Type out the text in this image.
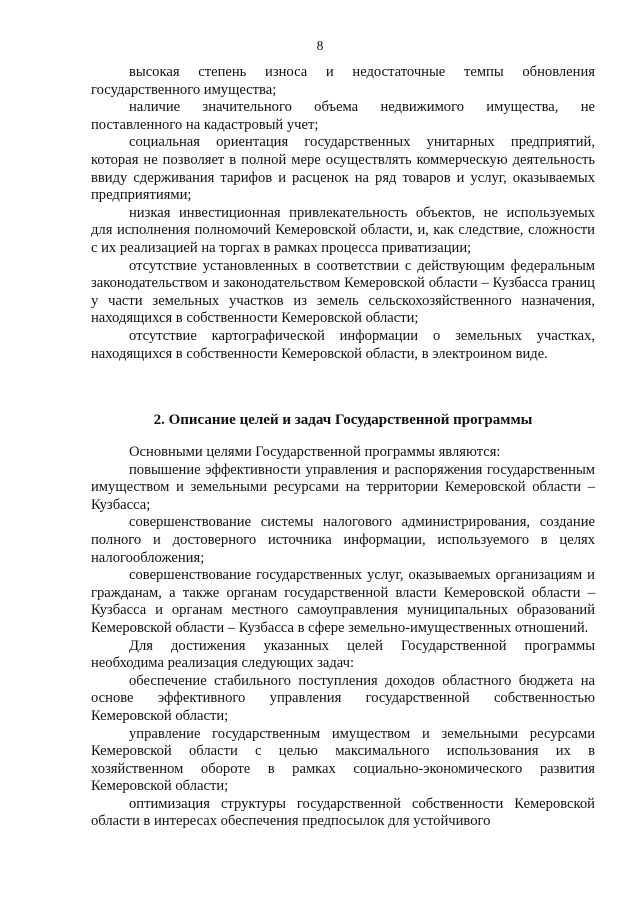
8

высокая степень износа и недостаточные темпы обновления государственного имущества;

наличие значительного объема недвижимого имущества, не поставленного на кадастровый учет;

социальная ориентация государственных унитарных предприятий, которая не позволяет в полной мере осуществлять коммерческую деятельность ввиду сдерживания тарифов и расценок на ряд товаров и услуг, оказываемых предприятиями;

низкая инвестиционная привлекательность объектов, не используемых для исполнения полномочий Кемеровской области, и, как следствие, сложности с их реализацией на торгах в рамках процесса приватизации;

отсутствие установленных в соответствии с действующим федеральным законодательством и законодательством Кемеровской области – Кузбасса границ у части земельных участков из земель сельскохозяйственного назначения, находящихся в собственности Кемеровской области;

отсутствие картографической информации о земельных участках, находящихся в собственности Кемеровской области, в электроином виде.

2. Описание целей и задач Государственной программы

Основными целями Государственной программы являются:

повышение эффективности управления и распоряжения государственным имуществом и земельными ресурсами на территории Кемеровской области – Кузбасса;

совершенствование системы налогового администрирования, создание полного и достоверного источника информации, используемого в целях налогообложения;

совершенствование государственных услуг, оказываемых организациям и гражданам, а также органам государственной власти Кемеровской области – Кузбасса и органам местного самоуправления муниципальных образований Кемеровской области – Кузбасса в сфере земельно-имущественных отношений.

Для достижения указанных целей Государственной программы необходима реализация следующих задач:

обеспечение стабильного поступления доходов областного бюджета на основе эффективного управления государственной собственностью Кемеровской области;

управление государственным имуществом и земельными ресурсами Кемеровской области с целью максимального использования их в хозяйственном обороте в рамках социально-экономического развития Кемеровской области;

оптимизация структуры государственной собственности Кемеровской области в интересах обеспечения предпосылок для устойчивого
